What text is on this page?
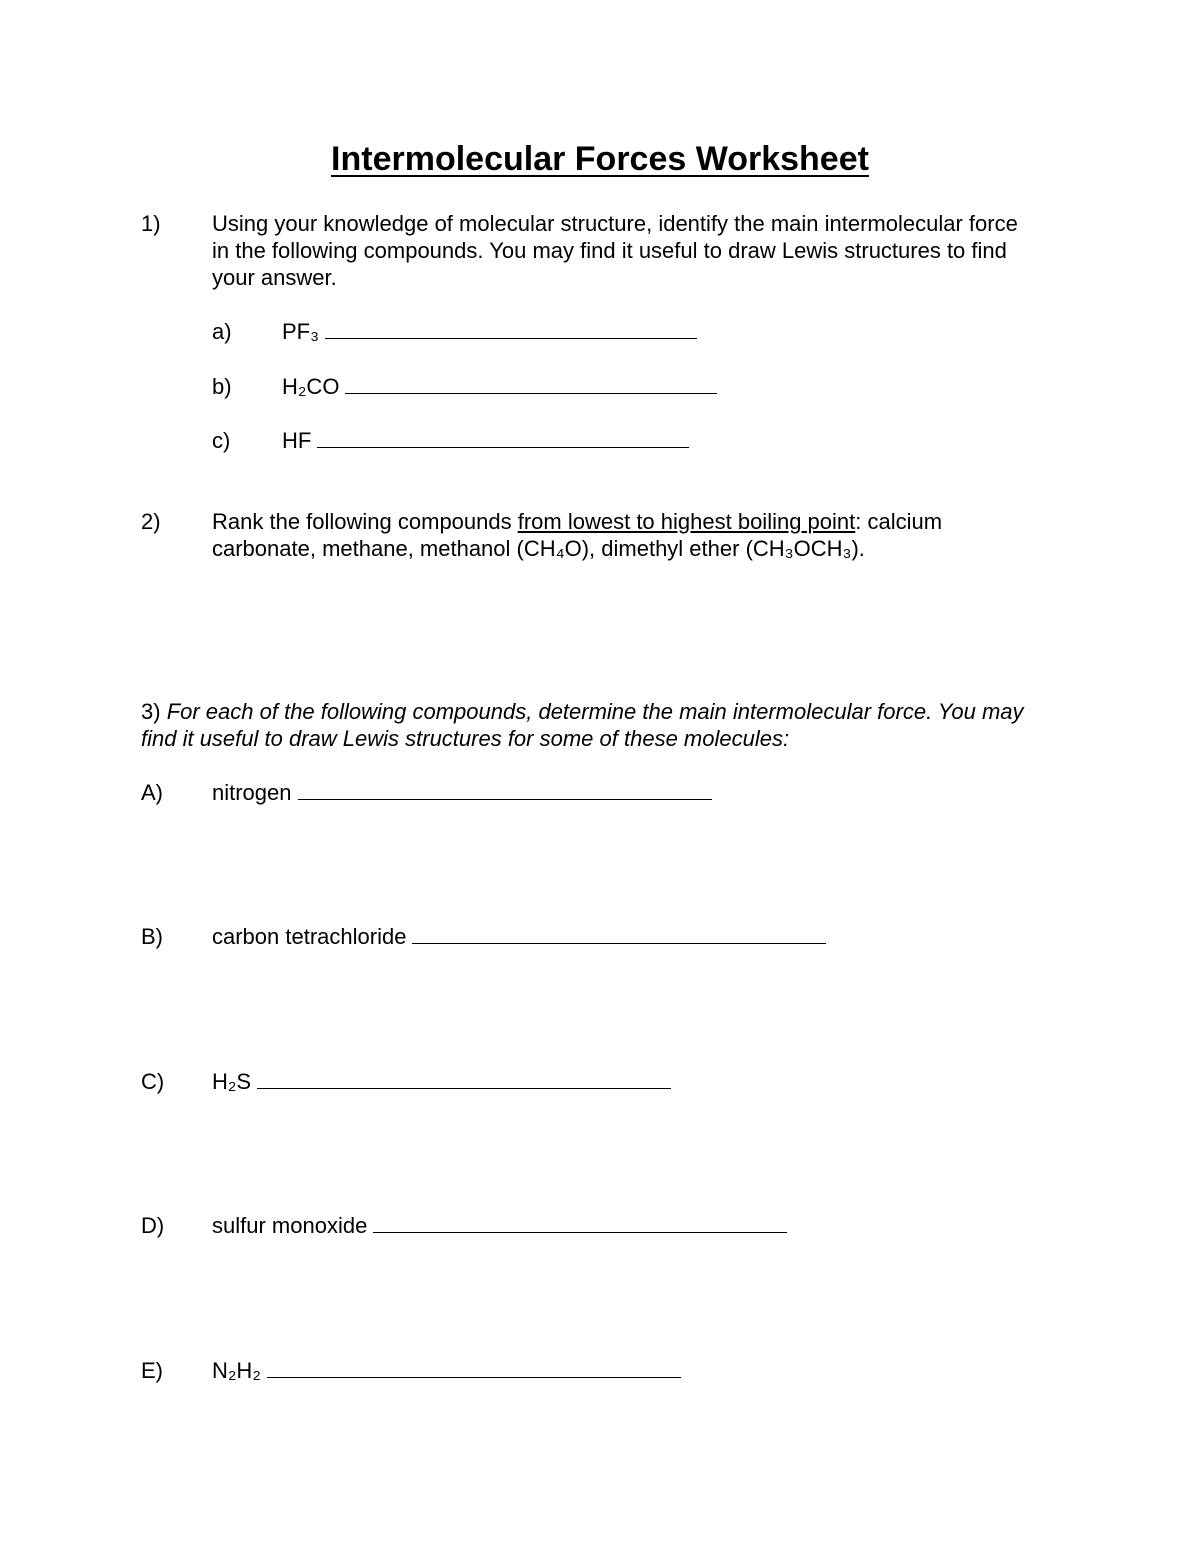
Intermolecular Forces Worksheet
1) Using your knowledge of molecular structure, identify the main intermolecular force in the following compounds. You may find it useful to draw Lewis structures to find your answer.
a) PF₃
b) H₂CO
c) HF
2) Rank the following compounds from lowest to highest boiling point: calcium carbonate, methane, methanol (CH₄O), dimethyl ether (CH₃OCH₃).
3) For each of the following compounds, determine the main intermolecular force. You may find it useful to draw Lewis structures for some of these molecules:
A) nitrogen
B) carbon tetrachloride
C) H₂S
D) sulfur monoxide
E) N₂H₂
